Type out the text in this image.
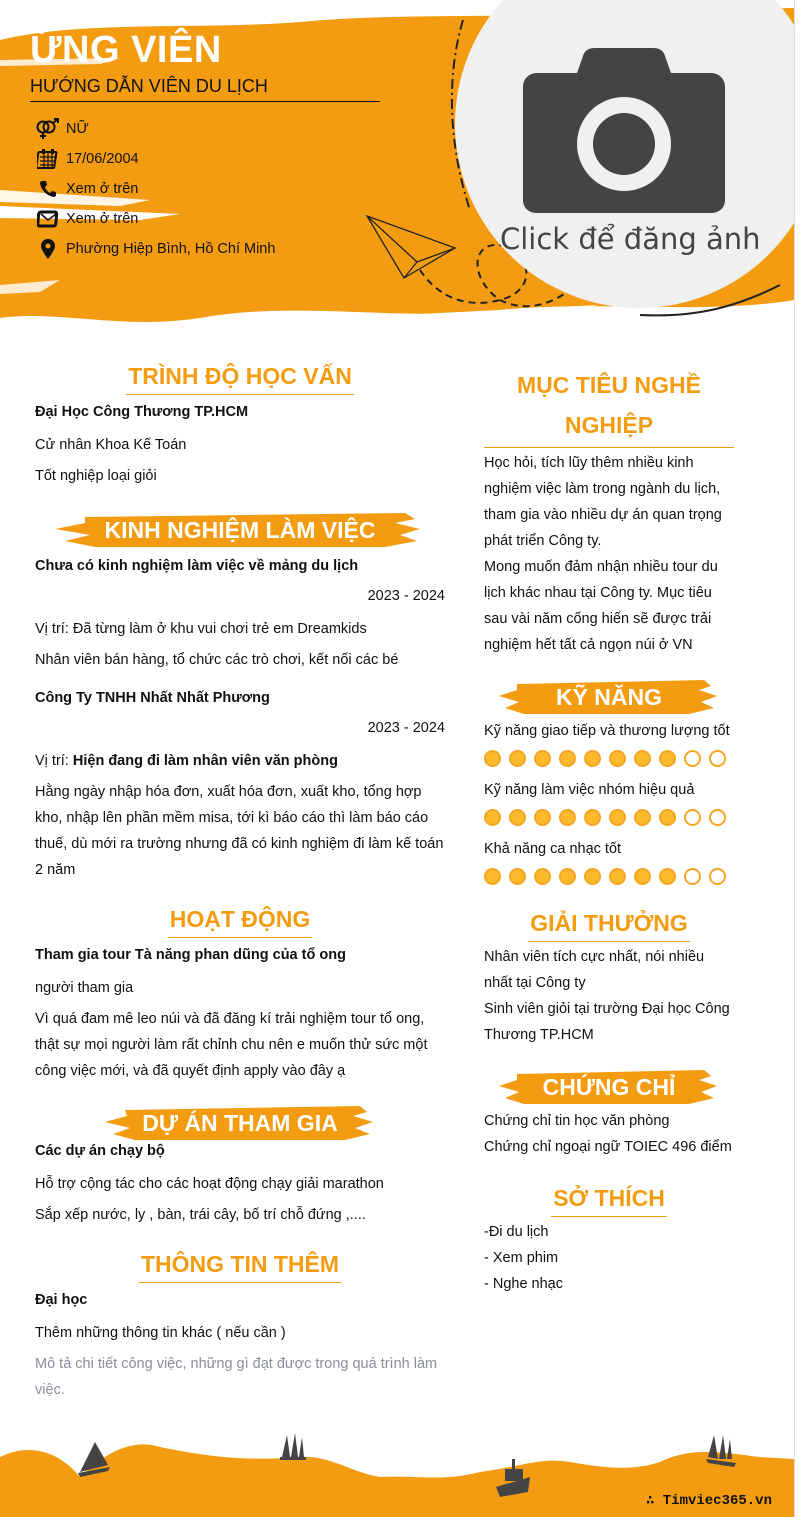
ỨNG VIÊN
HƯỚNG DẪN VIÊN DU LỊCH
NỮ
17/06/2004
Xem ở trên
Xem ở trên
Phường Hiệp Bình, Hồ Chí Minh	Click để đăng ảnh
TRÌNH ĐỘ HỌC VẤN
Đại Học Công Thương TP.HCM
Cử nhân Khoa Kế Toán
Tốt nghiệp loại giỏi
KINH NGHIỆM LÀM VIỆC
Chưa có kinh nghiệm làm việc về mảng du lịch
2023 - 2024
Vị trí: Đã từng làm ở khu vui chơi trẻ em Dreamkids
Nhân viên bán hàng, tổ chức các trò chơi, kết nối các bé
Công Ty TNHH Nhất Nhất Phương
2023 - 2024
Vị trí: Hiện đang đi làm nhân viên văn phòng
Hằng ngày nhập hóa đơn, xuất hóa đơn, xuất kho, tổng hợp kho, nhập lên phần mềm misa, tới kì báo cáo thì làm báo cáo thuế, dù mới ra trường nhưng đã có kinh nghiệm đi làm kế toán 2 năm
HOẠT ĐỘNG
Tham gia tour Tà năng phan dũng của tổ ong
người tham gia
Vì quá đam mê leo núi và đã đăng kí trải nghiệm tour tổ ong, thật sự mọi người làm rất chỉnh chu nên e muốn thử sức một công việc mới, và đã quyết định apply vào đây ạ
DỰ ÁN THAM GIA
Các dự án chạy bộ
Hỗ trợ cộng tác cho các hoạt động chạy giải marathon
Sắp xếp nước, ly , bàn, trái cây, bố trí chỗ đứng ,....
THÔNG TIN THÊM
Đại học
Thêm những thông tin khác ( nếu cần )
Mô tả chi tiết công việc, những gì đạt được trong quá trình làm việc.
MỤC TIÊU NGHỀ NGHIỆP
Học hỏi, tích lũy thêm nhiều kinh nghiệm việc làm trong ngành du lịch, tham gia vào nhiều dự án quan trọng phát triển Công ty.
Mong muốn đảm nhận nhiều tour du lịch khác nhau tại Công ty. Mục tiêu sau vài năm cống hiến sẽ được trải nghiệm hết tất cả ngọn núi ở VN
KỸ NĂNG
Kỹ năng giao tiếp và thương lượng tốt
Kỹ năng làm việc nhóm hiệu quả
Khả năng ca nhạc tốt
GIẢI THƯỞNG
Nhân viên tích cực nhất, nói nhiều nhất tại Công ty
Sinh viên giỏi tại trường Đại học Công Thương TP.HCM
CHỨNG CHỈ
Chứng chỉ tin học văn phòng
Chứng chỉ ngoại ngữ TOIEC 496 điểm
SỞ THÍCH
-Đi du lịch
- Xem phim
- Nghe nhạc
∴ Timviec365.vn
